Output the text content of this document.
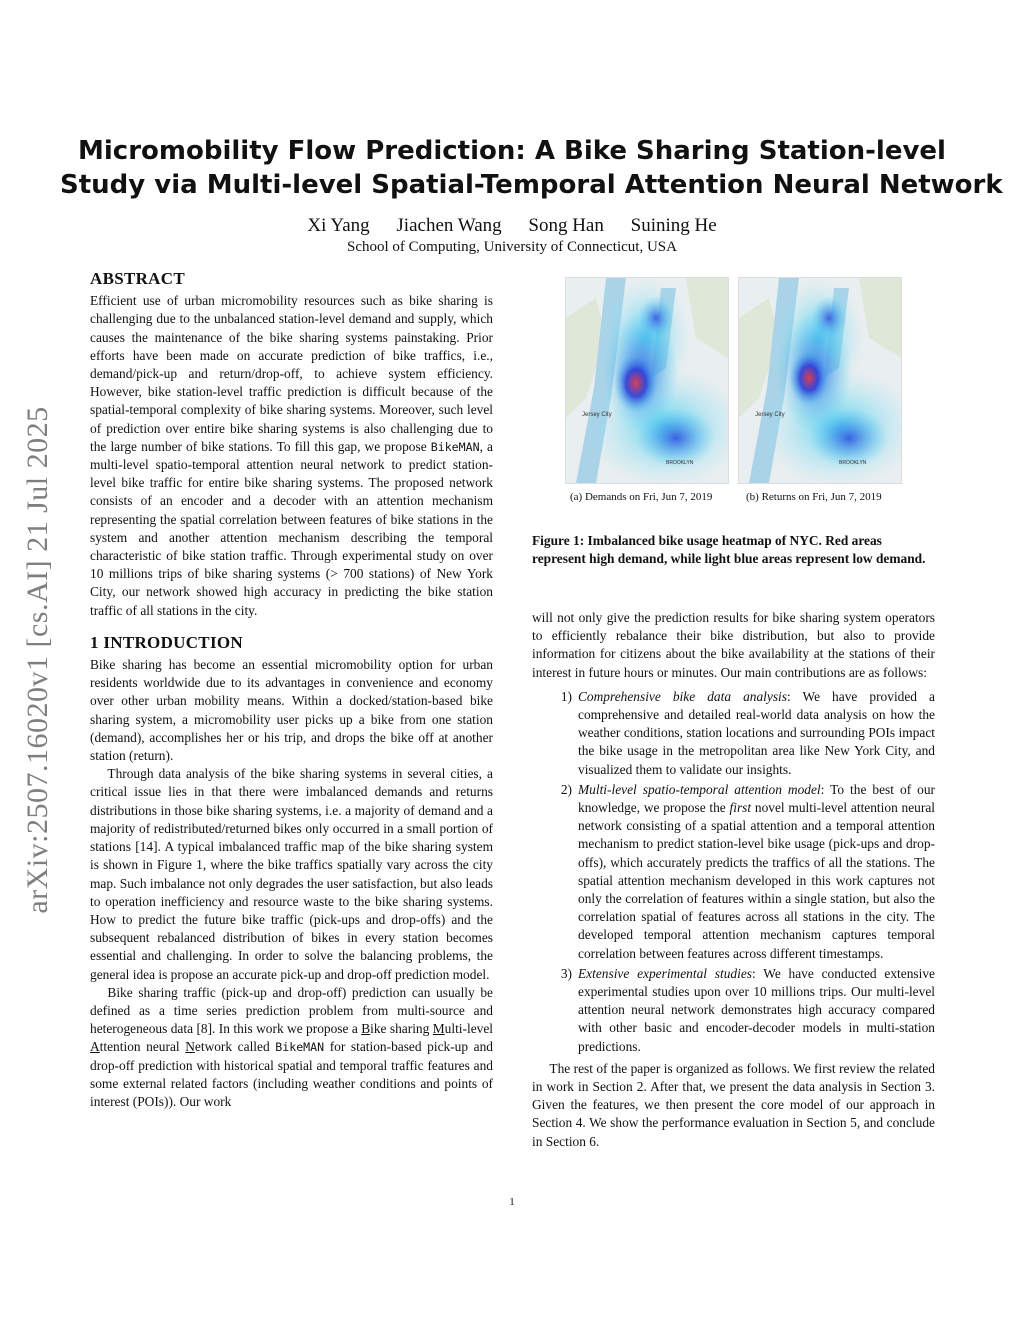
arXiv:2507.16020v1 [cs.AI] 21 Jul 2025
Micromobility Flow Prediction: A Bike Sharing Station-level
Study via Multi-level Spatial-Temporal Attention Neural Network
Xi Yang Jiachen Wang Song Han Suining He
School of Computing, University of Connecticut, USA
ABSTRACT

Efficient use of urban micromobility resources such as bike sharing is challenging due to the unbalanced station-level demand and supply, which causes the maintenance of the bike sharing systems painstaking. Prior efforts have been made on accurate prediction of bike traffics, i.e., demand/pick-up and return/drop-off, to achieve system efficiency. However, bike station-level traffic prediction is difficult because of the spatial-temporal complexity of bike sharing systems. Moreover, such level of prediction over entire bike sharing systems is also challenging due to the large number of bike stations. To fill this gap, we propose BikeMAN, a multi-level spatio-temporal attention neural network to predict station-level bike traffic for entire bike sharing systems. The proposed network consists of an encoder and a decoder with an attention mechanism representing the spatial correlation between features of bike stations in the system and another attention mechanism describing the temporal characteristic of bike station traffic. Through experimental study on over 10 millions trips of bike sharing systems (> 700 stations) of New York City, our network showed high accuracy in predicting the bike station traffic of all stations in the city.

1 INTRODUCTION

Bike sharing has become an essential micromobility option for urban residents worldwide due to its advantages in convenience and economy over other urban mobility means. Within a docked/station-based bike sharing system, a micromobility user picks up a bike from one station (demand), accomplishes her or his trip, and drops the bike off at another station (return).

Through data analysis of the bike sharing systems in several cities, a critical issue lies in that there were imbalanced demands and returns distributions in those bike sharing systems, i.e. a majority of demand and a majority of redistributed/returned bikes only occurred in a small portion of stations [14]. A typical imbalanced traffic map of the bike sharing system is shown in Figure 1, where the bike traffics spatially vary across the city map. Such imbalance not only degrades the user satisfaction, but also leads to operation inefficiency and resource waste to the bike sharing systems. How to predict the future bike traffic (pick-ups and drop-offs) and the subsequent rebalanced distribution of bikes in every station becomes essential and challenging. In order to solve the balancing problems, the general idea is propose an accurate pick-up and drop-off prediction model.

Bike sharing traffic (pick-up and drop-off) prediction can usually be defined as a time series prediction problem from multi-source and heterogeneous data [8]. In this work we propose a Bike sharing Multi-level Attention neural Network called BikeMAN for station-based pick-up and drop-off prediction with historical spatial and temporal traffic features and some external related factors (including weather conditions and points of interest (POIs)). Our work

Jersey City
BROOKLYN
Jersey City
BROOKLYN
(a) Demands on Fri, Jun 7, 2019	(b) Returns on Fri, Jun 7, 2019
Figure 1: Imbalanced bike usage heatmap of NYC. Red areas represent high demand, while light blue areas represent low demand.

will not only give the prediction results for bike sharing system operators to efficiently rebalance their bike distribution, but also to provide information for citizens about the bike availability at the stations of their interest in future hours or minutes. Our main contributions are as follows:

1) Comprehensive bike data analysis: We have provided a comprehensive and detailed real-world data analysis on how the weather conditions, station locations and surrounding POIs impact the bike usage in the metropolitan area like New York City, and visualized them to validate our insights.
2) Multi-level spatio-temporal attention model: To the best of our knowledge, we propose the first novel multi-level attention neural network consisting of a spatial attention and a temporal attention mechanism to predict station-level bike usage (pick-ups and drop-offs), which accurately predicts the traffics of all the stations. The spatial attention mechanism developed in this work captures not only the correlation of features within a single station, but also the correlation spatial of features across all stations in the city. The developed temporal attention mechanism captures temporal correlation between features across different timestamps.
3) Extensive experimental studies: We have conducted extensive experimental studies upon over 10 millions trips. Our multi-level attention neural network demonstrates high accuracy compared with other basic and encoder-decoder models in multi-station predictions.

The rest of the paper is organized as follows. We first review the related in work in Section 2. After that, we present the data analysis in Section 3. Given the features, we then present the core model of our approach in Section 4. We show the performance evaluation in Section 5, and conclude in Section 6.

1
